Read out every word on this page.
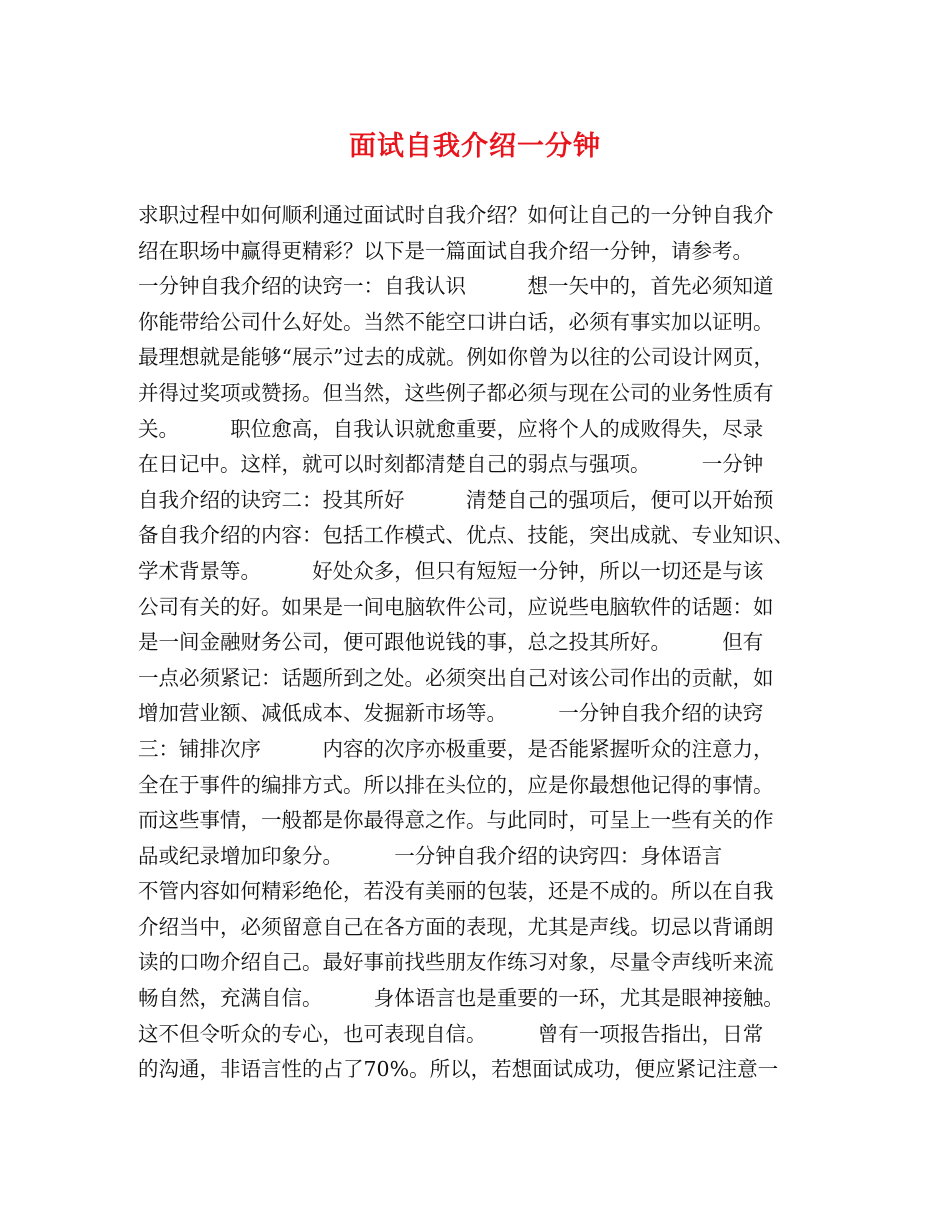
面试自我介绍一分钟
求职过程中如何顺利通过面试时自我介绍？如何让自己的一分钟自我介
绍在职场中赢得更精彩？以下是一篇面试自我介绍一分钟，请参考。
一分钟自我介绍的诀窍一：自我认识　　　想一矢中的，首先必须知道
你能带给公司什么好处。当然不能空口讲白话，必须有事实加以证明。
最理想就是能够“展示”过去的成就。例如你曾为以往的公司设计网页，
并得过奖项或赞扬。但当然，这些例子都必须与现在公司的业务性质有
关。　　　职位愈高，自我认识就愈重要，应将个人的成败得失，尽录
在日记中。这样，就可以时刻都清楚自己的弱点与强项。　　　一分钟
自我介绍的诀窍二：投其所好　　　清楚自己的强项后，便可以开始预
备自我介绍的内容：包括工作模式、优点、技能，突出成就、专业知识、
学术背景等。　　　好处众多，但只有短短一分钟，所以一切还是与该
公司有关的好。如果是一间电脑软件公司，应说些电脑软件的话题：如
是一间金融财务公司，便可跟他说钱的事，总之投其所好。　　　但有
一点必须紧记：话题所到之处。必须突出自己对该公司作出的贡献，如
增加营业额、减低成本、发掘新市场等。　　　一分钟自我介绍的诀窍
三：铺排次序　　　内容的次序亦极重要，是否能紧握听众的注意力，
全在于事件的编排方式。所以排在头位的，应是你最想他记得的事情。
而这些事情，一般都是你最得意之作。与此同时，可呈上一些有关的作
品或纪录增加印象分。　　　一分钟自我介绍的诀窍四：身体语言
不管内容如何精彩绝伦，若没有美丽的包装，还是不成的。所以在自我
介绍当中，必须留意自己在各方面的表现，尤其是声线。切忌以背诵朗
读的口吻介绍自己。最好事前找些朋友作练习对象，尽量令声线听来流
畅自然，充满自信。　　　身体语言也是重要的一环，尤其是眼神接触。
这不但令听众的专心，也可表现自信。　　　曾有一项报告指出，日常
的沟通，非语言性的占了70%。所以，若想面试成功，便应紧记注意一
